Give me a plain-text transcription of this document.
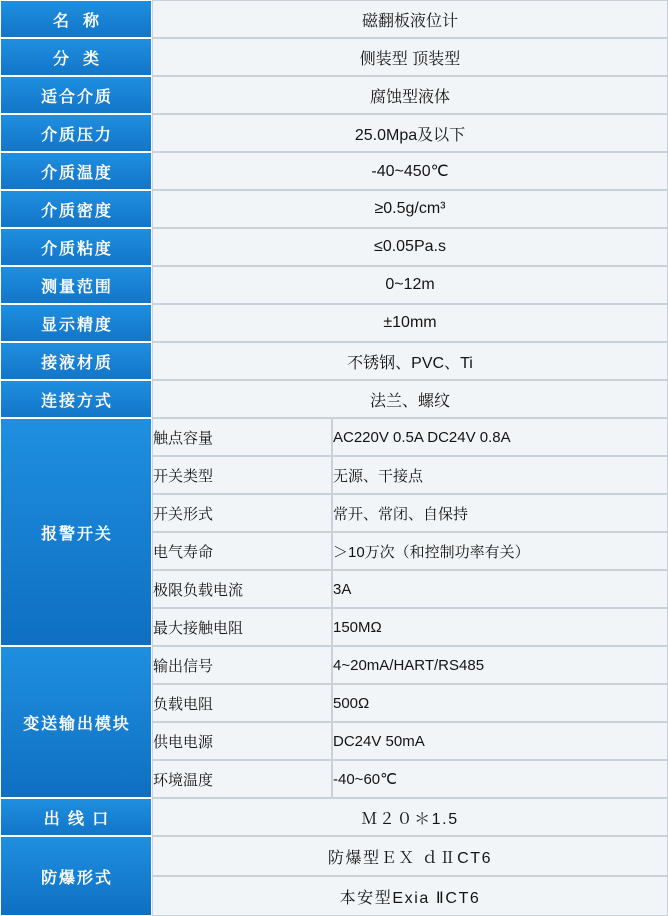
名 称	磁翻板液位计
分 类	侧装型 顶装型
适合介质	腐蚀型液体
介质压力	25.0Mpa及以下
介质温度	-40~450℃
介质密度	≥0.5g/cm³
介质粘度	≤0.05Pa.s
测量范围	0~12m
显示精度	±10mm
接液材质	不锈钢、PVC、Ti
连接方式	法兰、螺纹
报警开关	
触点容量	AC220V 0.5A DC24V 0.8A
开关类型	无源、干接点
开关形式	常开、常闭、自保持
电气寿命	＞10万次（和控制功率有关）
极限负载电流	3A
最大接触电阻	150MΩ

变送输出模块	
输出信号	4~20mA/HART/RS485
负载电阻	500Ω
供电电源	DC24V 50mA
环境温度	-40~60℃

出 线 口	Ｍ２０＊1.5
防爆形式	
防爆型ＥＸ ｄⅡCT6
本安型Exia ⅡCT6
